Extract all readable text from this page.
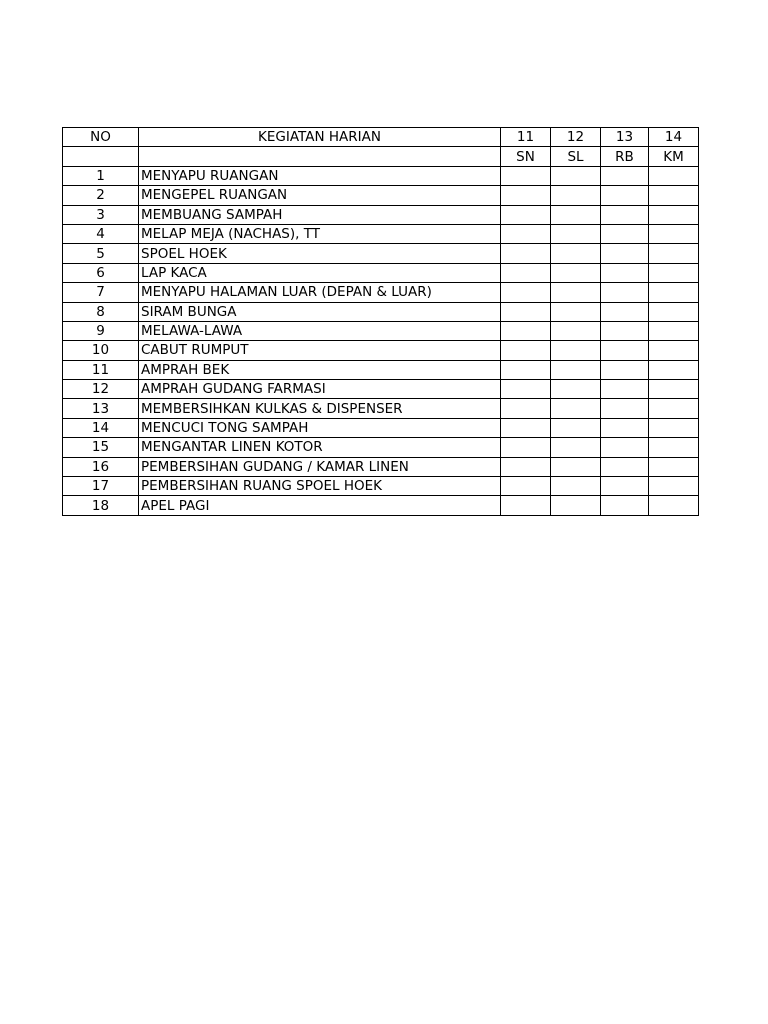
NO	KEGIATAN HARIAN	11	12	13	14
		SN	SL	RB	KM
1	MENYAPU RUANGAN				
2	MENGEPEL RUANGAN				
3	MEMBUANG SAMPAH				
4	MELAP MEJA (NACHAS), TT				
5	SPOEL HOEK				
6	LAP KACA				
7	MENYAPU HALAMAN LUAR (DEPAN & LUAR)				
8	SIRAM BUNGA				
9	MELAWA-LAWA				
10	CABUT RUMPUT				
11	AMPRAH BEK				
12	AMPRAH GUDANG FARMASI				
13	MEMBERSIHKAN KULKAS & DISPENSER				
14	MENCUCI TONG SAMPAH				
15	MENGANTAR LINEN KOTOR				
16	PEMBERSIHAN GUDANG / KAMAR LINEN				
17	PEMBERSIHAN RUANG SPOEL HOEK				
18	APEL PAGI				
